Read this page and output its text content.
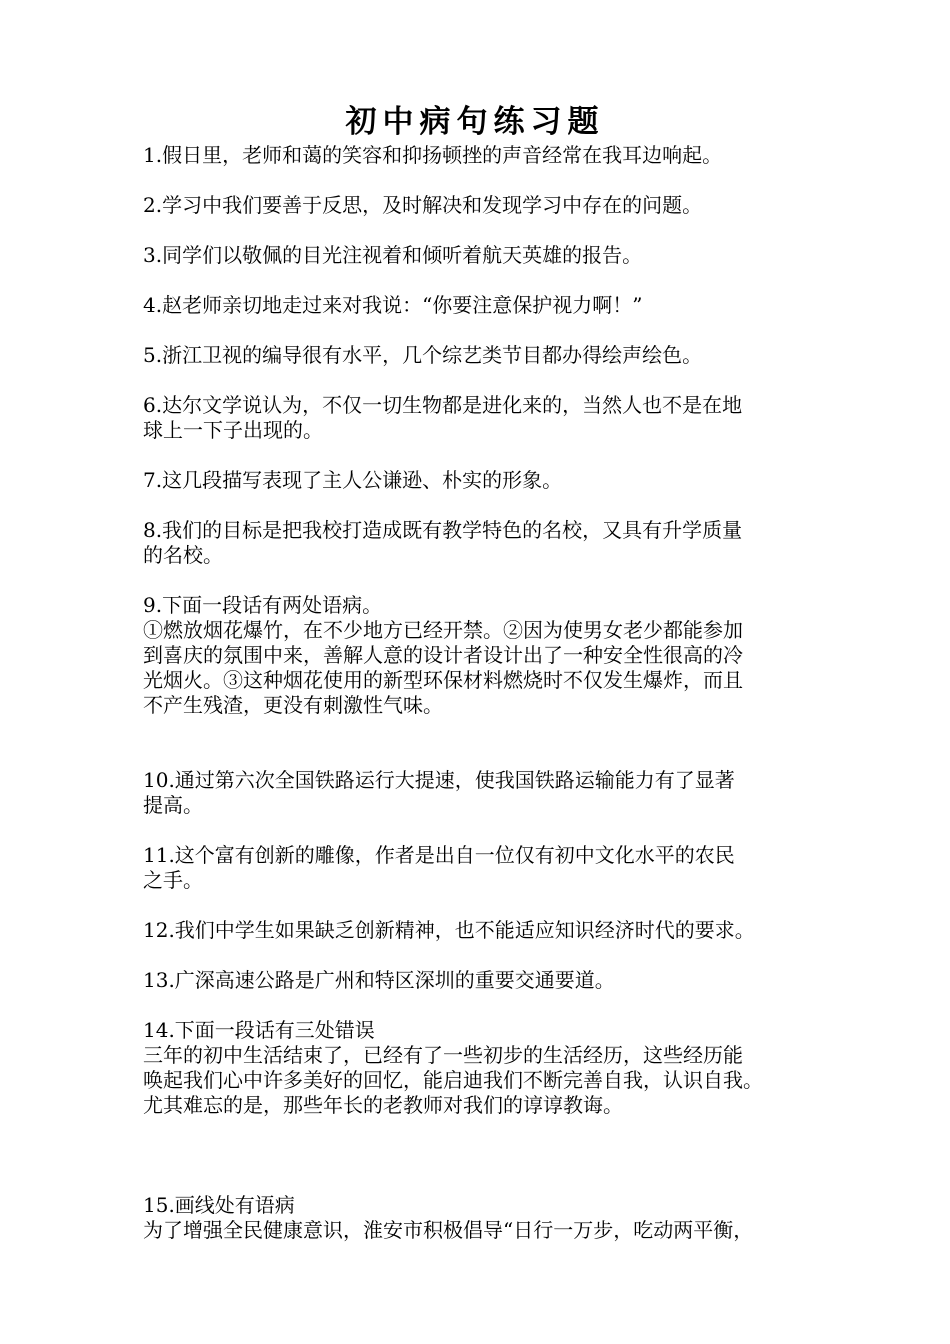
初中病句练习题

1.假日里，老师和蔼的笑容和抑扬顿挫的声音经常在我耳边响起。

2.学习中我们要善于反思，及时解决和发现学习中存在的问题。

3.同学们以敬佩的目光注视着和倾听着航天英雄的报告。

4.赵老师亲切地走过来对我说：“你要注意保护视力啊！”

5.浙江卫视的编导很有水平，几个综艺类节目都办得绘声绘色。

6.达尔文学说认为，不仅一切生物都是进化来的，当然人也不是在地

球上一下子出现的。

7.这几段描写表现了主人公谦逊、朴实的形象。

8.我们的目标是把我校打造成既有教学特色的名校，又具有升学质量

的名校。

9.下面一段话有两处语病。

①燃放烟花爆竹，在不少地方已经开禁。②因为使男女老少都能参加

到喜庆的氛围中来，善解人意的设计者设计出了一种安全性很高的冷

光烟火。③这种烟花使用的新型环保材料燃烧时不仅发生爆炸，而且

不产生残渣，更没有刺激性气味。

10.通过第六次全国铁路运行大提速，使我国铁路运输能力有了显著

提高。

11.这个富有创新的雕像，作者是出自一位仅有初中文化水平的农民

之手。

12.我们中学生如果缺乏创新精神，也不能适应知识经济时代的要求。

13.广深高速公路是广州和特区深圳的重要交通要道。

14.下面一段话有三处错误

三年的初中生活结束了，已经有了一些初步的生活经历，这些经历能

唤起我们心中许多美好的回忆，能启迪我们不断完善自我，认识自我。

尤其难忘的是，那些年长的老教师对我们的谆谆教诲。

15.画线处有语病

为了增强全民健康意识，淮安市积极倡导“日行一万步，吃动两平衡，
